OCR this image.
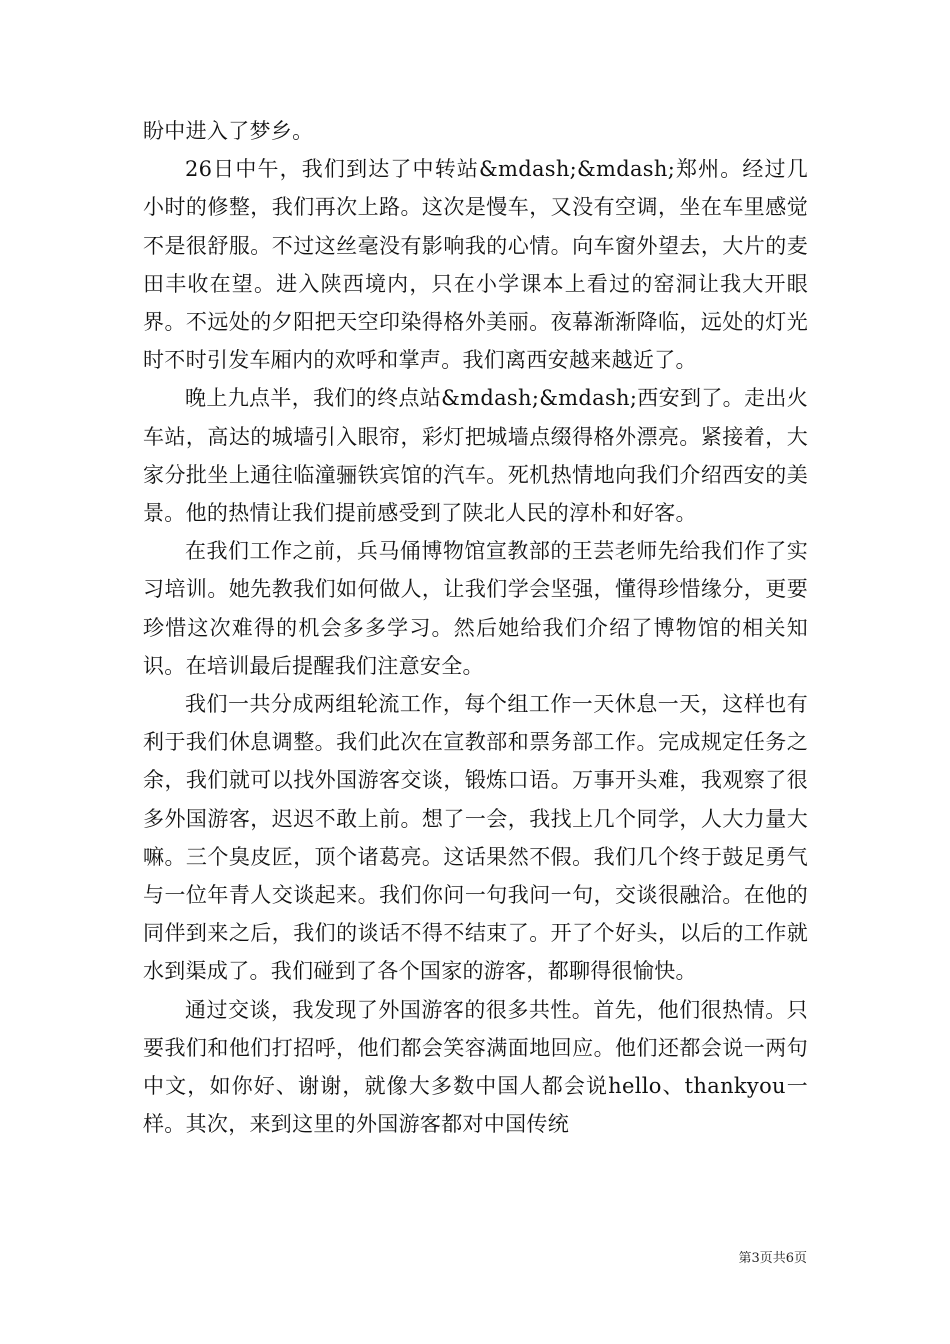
盼中进入了梦乡。

26日中午，我们到达了中转站&mdash;&mdash;郑州。经过几小时的修整，我们再次上路。这次是慢车，又没有空调，坐在车里感觉不是很舒服。不过这丝毫没有影响我的心情。向车窗外望去，大片的麦田丰收在望。进入陕西境内，只在小学课本上看过的窑洞让我大开眼界。不远处的夕阳把天空印染得格外美丽。夜幕渐渐降临，远处的灯光时不时引发车厢内的欢呼和掌声。我们离西安越来越近了。

晚上九点半，我们的终点站&mdash;&mdash;西安到了。走出火车站，高达的城墙引入眼帘，彩灯把城墙点缀得格外漂亮。紧接着，大家分批坐上通往临潼骊铁宾馆的汽车。死机热情地向我们介绍西安的美景。他的热情让我们提前感受到了陕北人民的淳朴和好客。

在我们工作之前，兵马俑博物馆宣教部的王芸老师先给我们作了实习培训。她先教我们如何做人，让我们学会坚强，懂得珍惜缘分，更要珍惜这次难得的机会多多学习。然后她给我们介绍了博物馆的相关知识。在培训最后提醒我们注意安全。

我们一共分成两组轮流工作，每个组工作一天休息一天，这样也有利于我们休息调整。我们此次在宣教部和票务部工作。完成规定任务之余，我们就可以找外国游客交谈，锻炼口语。万事开头难，我观察了很多外国游客，迟迟不敢上前。想了一会，我找上几个同学，人大力量大嘛。三个臭皮匠，顶个诸葛亮。这话果然不假。我们几个终于鼓足勇气与一位年青人交谈起来。我们你问一句我问一句，交谈很融洽。在他的同伴到来之后，我们的谈话不得不结束了。开了个好头，以后的工作就水到渠成了。我们碰到了各个国家的游客，都聊得很愉快。

通过交谈，我发现了外国游客的很多共性。首先，他们很热情。只要我们和他们打招呼，他们都会笑容满面地回应。他们还都会说一两句中文，如你好、谢谢，就像大多数中国人都会说hello、thankyou一样。其次，来到这里的外国游客都对中国传统

第3页共6页
